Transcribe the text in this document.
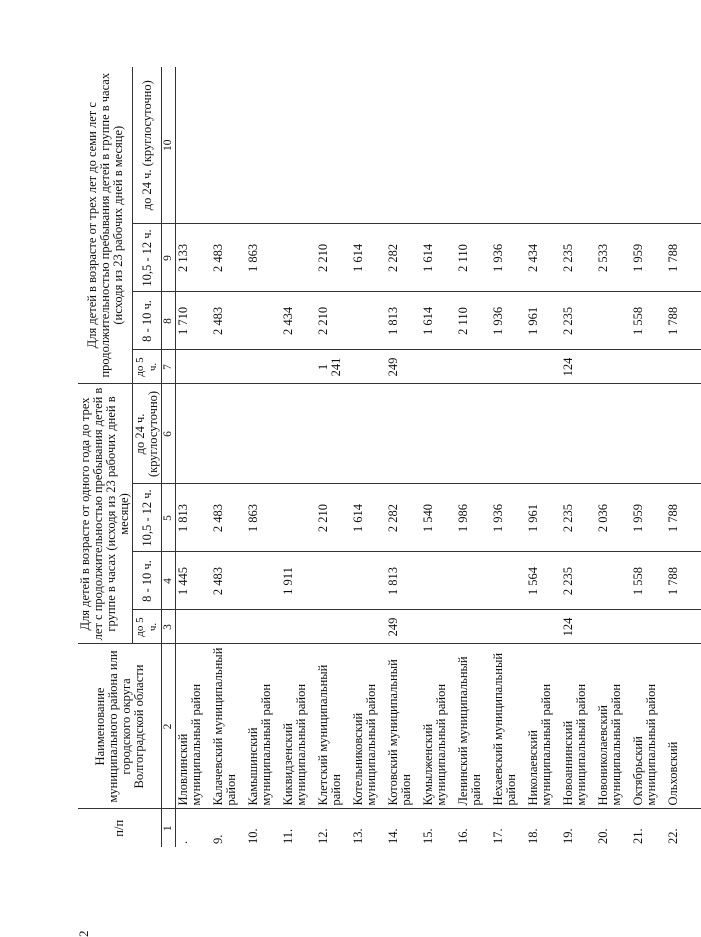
2
п/п	Наименование муниципального района или городского округа Волгоградской области	Для детей в возрасте от одного года до трех лет с продолжительностью пребывания детей в группе в часах (исходя из 23 рабочих дней в месяце)				Для детей в возрасте от трех лет до семи лет с продолжительностью пребывания детей в группе в часах (исходя из 23 рабочих дней в месяце)			
		до 5 ч.	8 - 10 ч.	10,5 - 12 ч.	до 24 ч. (круглосуточно)	до 5 ч.	8 - 10 ч.	10,5 - 12 ч.	до 24 ч. (круглосуточно)
1	2	3	4	5	6	7	8	9	10
.	Иловлинский муниципальный район		1 445	1 813			1 710	2 133	
9.	Калачевский муниципальный район		2 483	2 483			2 483	2 483	
10.	Камышинский муниципальный район			1 863				1 863	
11.	Киквидзенский муниципальный район		1 911				2 434		
12.	Клетский муниципальный район			2 210		1 241	2 210	2 210	
13.	Котельниковский муниципальный район			1 614				1 614	
14.	Котовский муниципальный район	249	1 813	2 282		249	1 813	2 282	
15.	Кумылженский муниципальный район			1 540			1 614	1 614	
16.	Ленинский муниципальный район			1 986			2 110	2 110	
17.	Нехаевский муниципальный район			1 936			1 936	1 936	
18.	Николаевский муниципальный район		1 564	1 961			1 961	2 434	
19.	Новоаннинский муниципальный район	124	2 235	2 235		124	2 235	2 235	
20.	Новониколаевский муниципальный район			2 036				2 533	
21.	Октябрьский муниципальный район		1 558	1 959			1 558	1 959	
22.	Ольховский		1 788	1 788			1 788	1 788	
